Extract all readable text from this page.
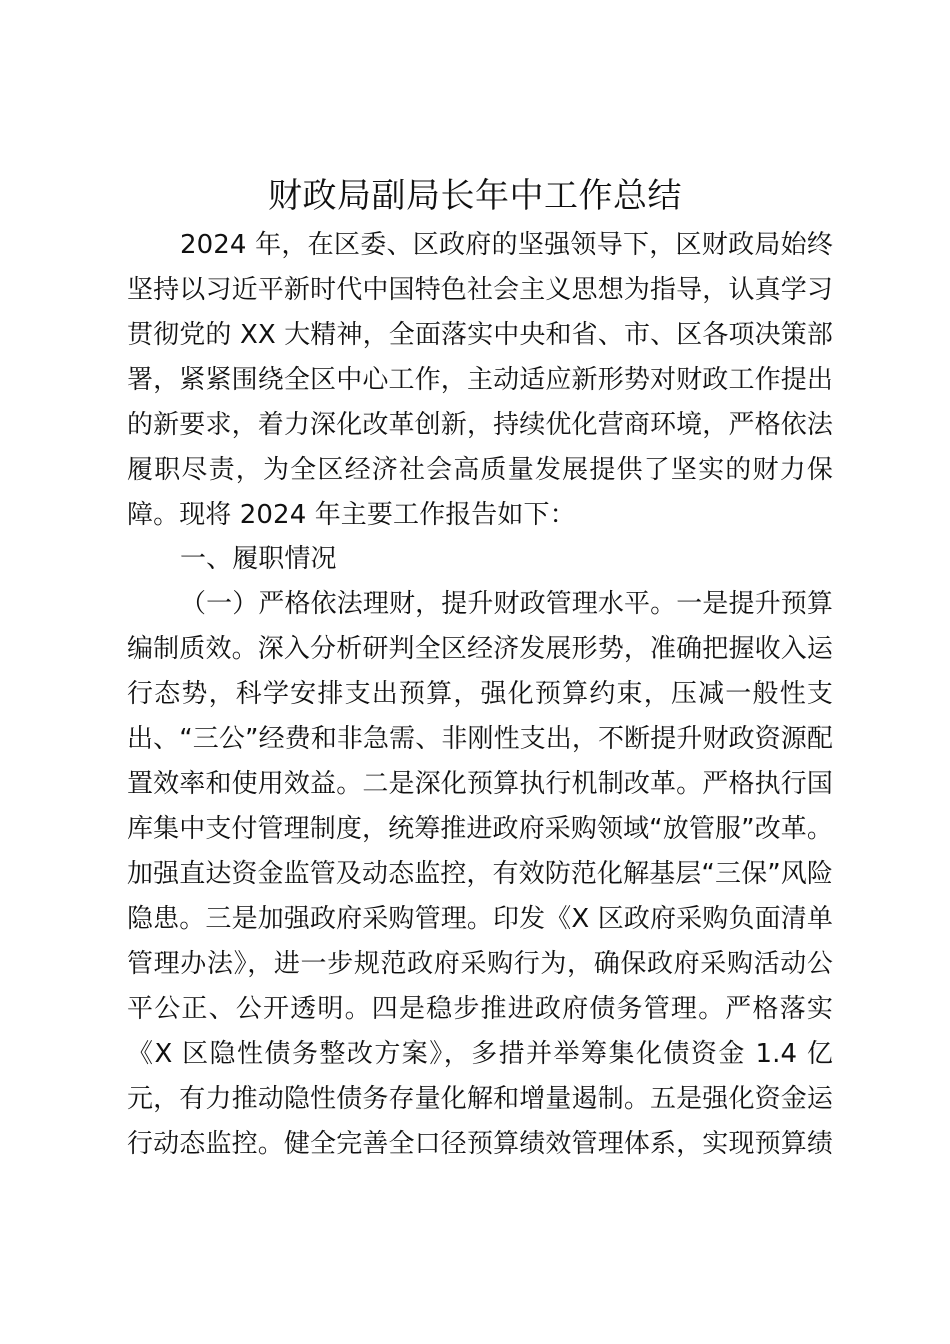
财政局副局长年中工作总结
2024 年，在区委、区政府的坚强领导下，区财政局始终
坚持以习近平新时代中国特色社会主义思想为指导，认真学习
贯彻党的 XX 大精神，全面落实中央和省、市、区各项决策部
署，紧紧围绕全区中心工作，主动适应新形势对财政工作提出
的新要求，着力深化改革创新，持续优化营商环境，严格依法
履职尽责，为全区经济社会高质量发展提供了坚实的财力保
障。现将 2024 年主要工作报告如下：
一、履职情况
（一）严格依法理财，提升财政管理水平。一是提升预算
编制质效。深入分析研判全区经济发展形势，准确把握收入运
行态势，科学安排支出预算，强化预算约束，压减一般性支
出、“三公”经费和非急需、非刚性支出，不断提升财政资源配
置效率和使用效益。二是深化预算执行机制改革。严格执行国
库集中支付管理制度，统筹推进政府采购领域“放管服”改革。
加强直达资金监管及动态监控，有效防范化解基层“三保”风险
隐患。三是加强政府采购管理。印发《X 区政府采购负面清单
管理办法》，进一步规范政府采购行为，确保政府采购活动公
平公正、公开透明。四是稳步推进政府债务管理。严格落实
《X 区隐性债务整改方案》，多措并举筹集化债资金 1.4 亿
元，有力推动隐性债务存量化解和增量遏制。五是强化资金运
行动态监控。健全完善全口径预算绩效管理体系，实现预算绩
